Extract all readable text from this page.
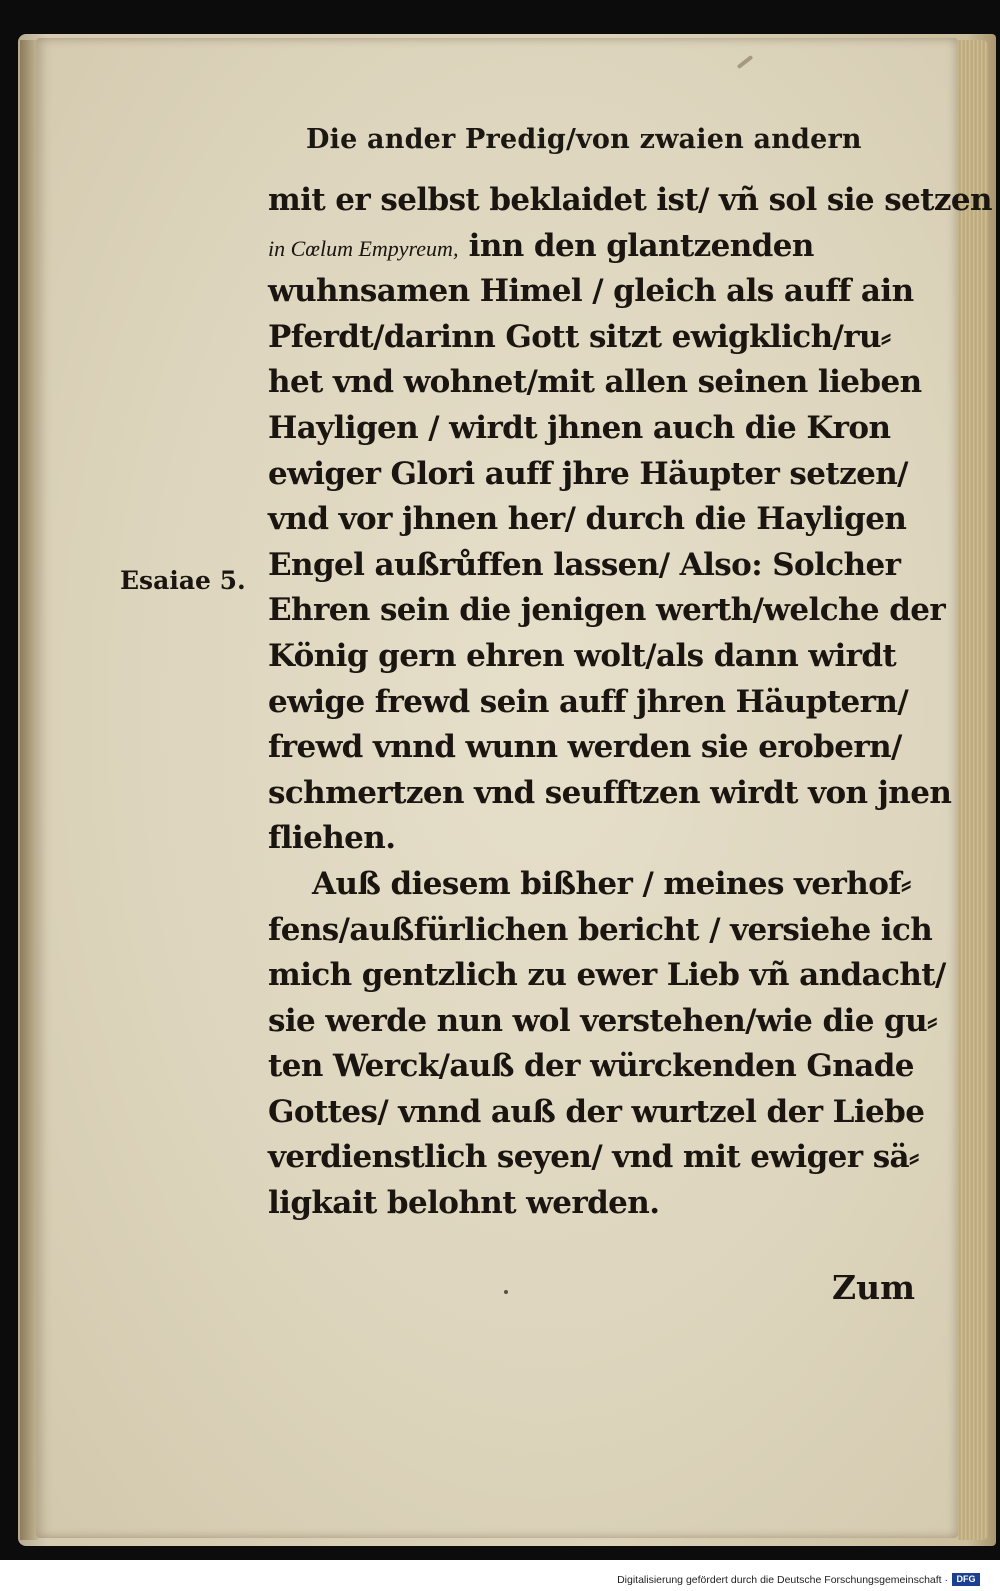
Die ander Predig/von zwaien andern
Esaiae 5.
mit er selbst beklaidet ist/ vñ sol sie setzen
in Cœlum Empyreum, inn den glantzenden
wuhnsamen Himel / gleich als auff ain
Pferdt/darinn Gott sitzt ewigklich/ru⸗
het vnd wohnet/mit allen seinen lieben
Hayligen / wirdt jhnen auch die Kron
ewiger Glori auff jhre Häupter setzen/
vnd vor jhnen her/ durch die Hayligen
Engel außrůffen lassen/ Also: Solcher
Ehren sein die jenigen werth/welche der
König gern ehren wolt/als dann wirdt
ewige frewd sein auff jhren Häuptern/
frewd vnnd wunn werden sie erobern/
schmertzen vnd seufftzen wirdt von jnen
fliehen.
Auß diesem bißher / meines verhof⸗
fens/außfürlichen bericht / versiehe ich
mich gentzlich zu ewer Lieb vñ andacht/
sie werde nun wol verstehen/wie die gu⸗
ten Werck/auß der würckenden Gnade
Gottes/ vnnd auß der wurtzel der Liebe
verdienstlich seyen/ vnd mit ewiger sä⸗
ligkait belohnt werden.
Zum
Digitalisierung gefördert durch die Deutsche Forschungsgemeinschaft · DFG
